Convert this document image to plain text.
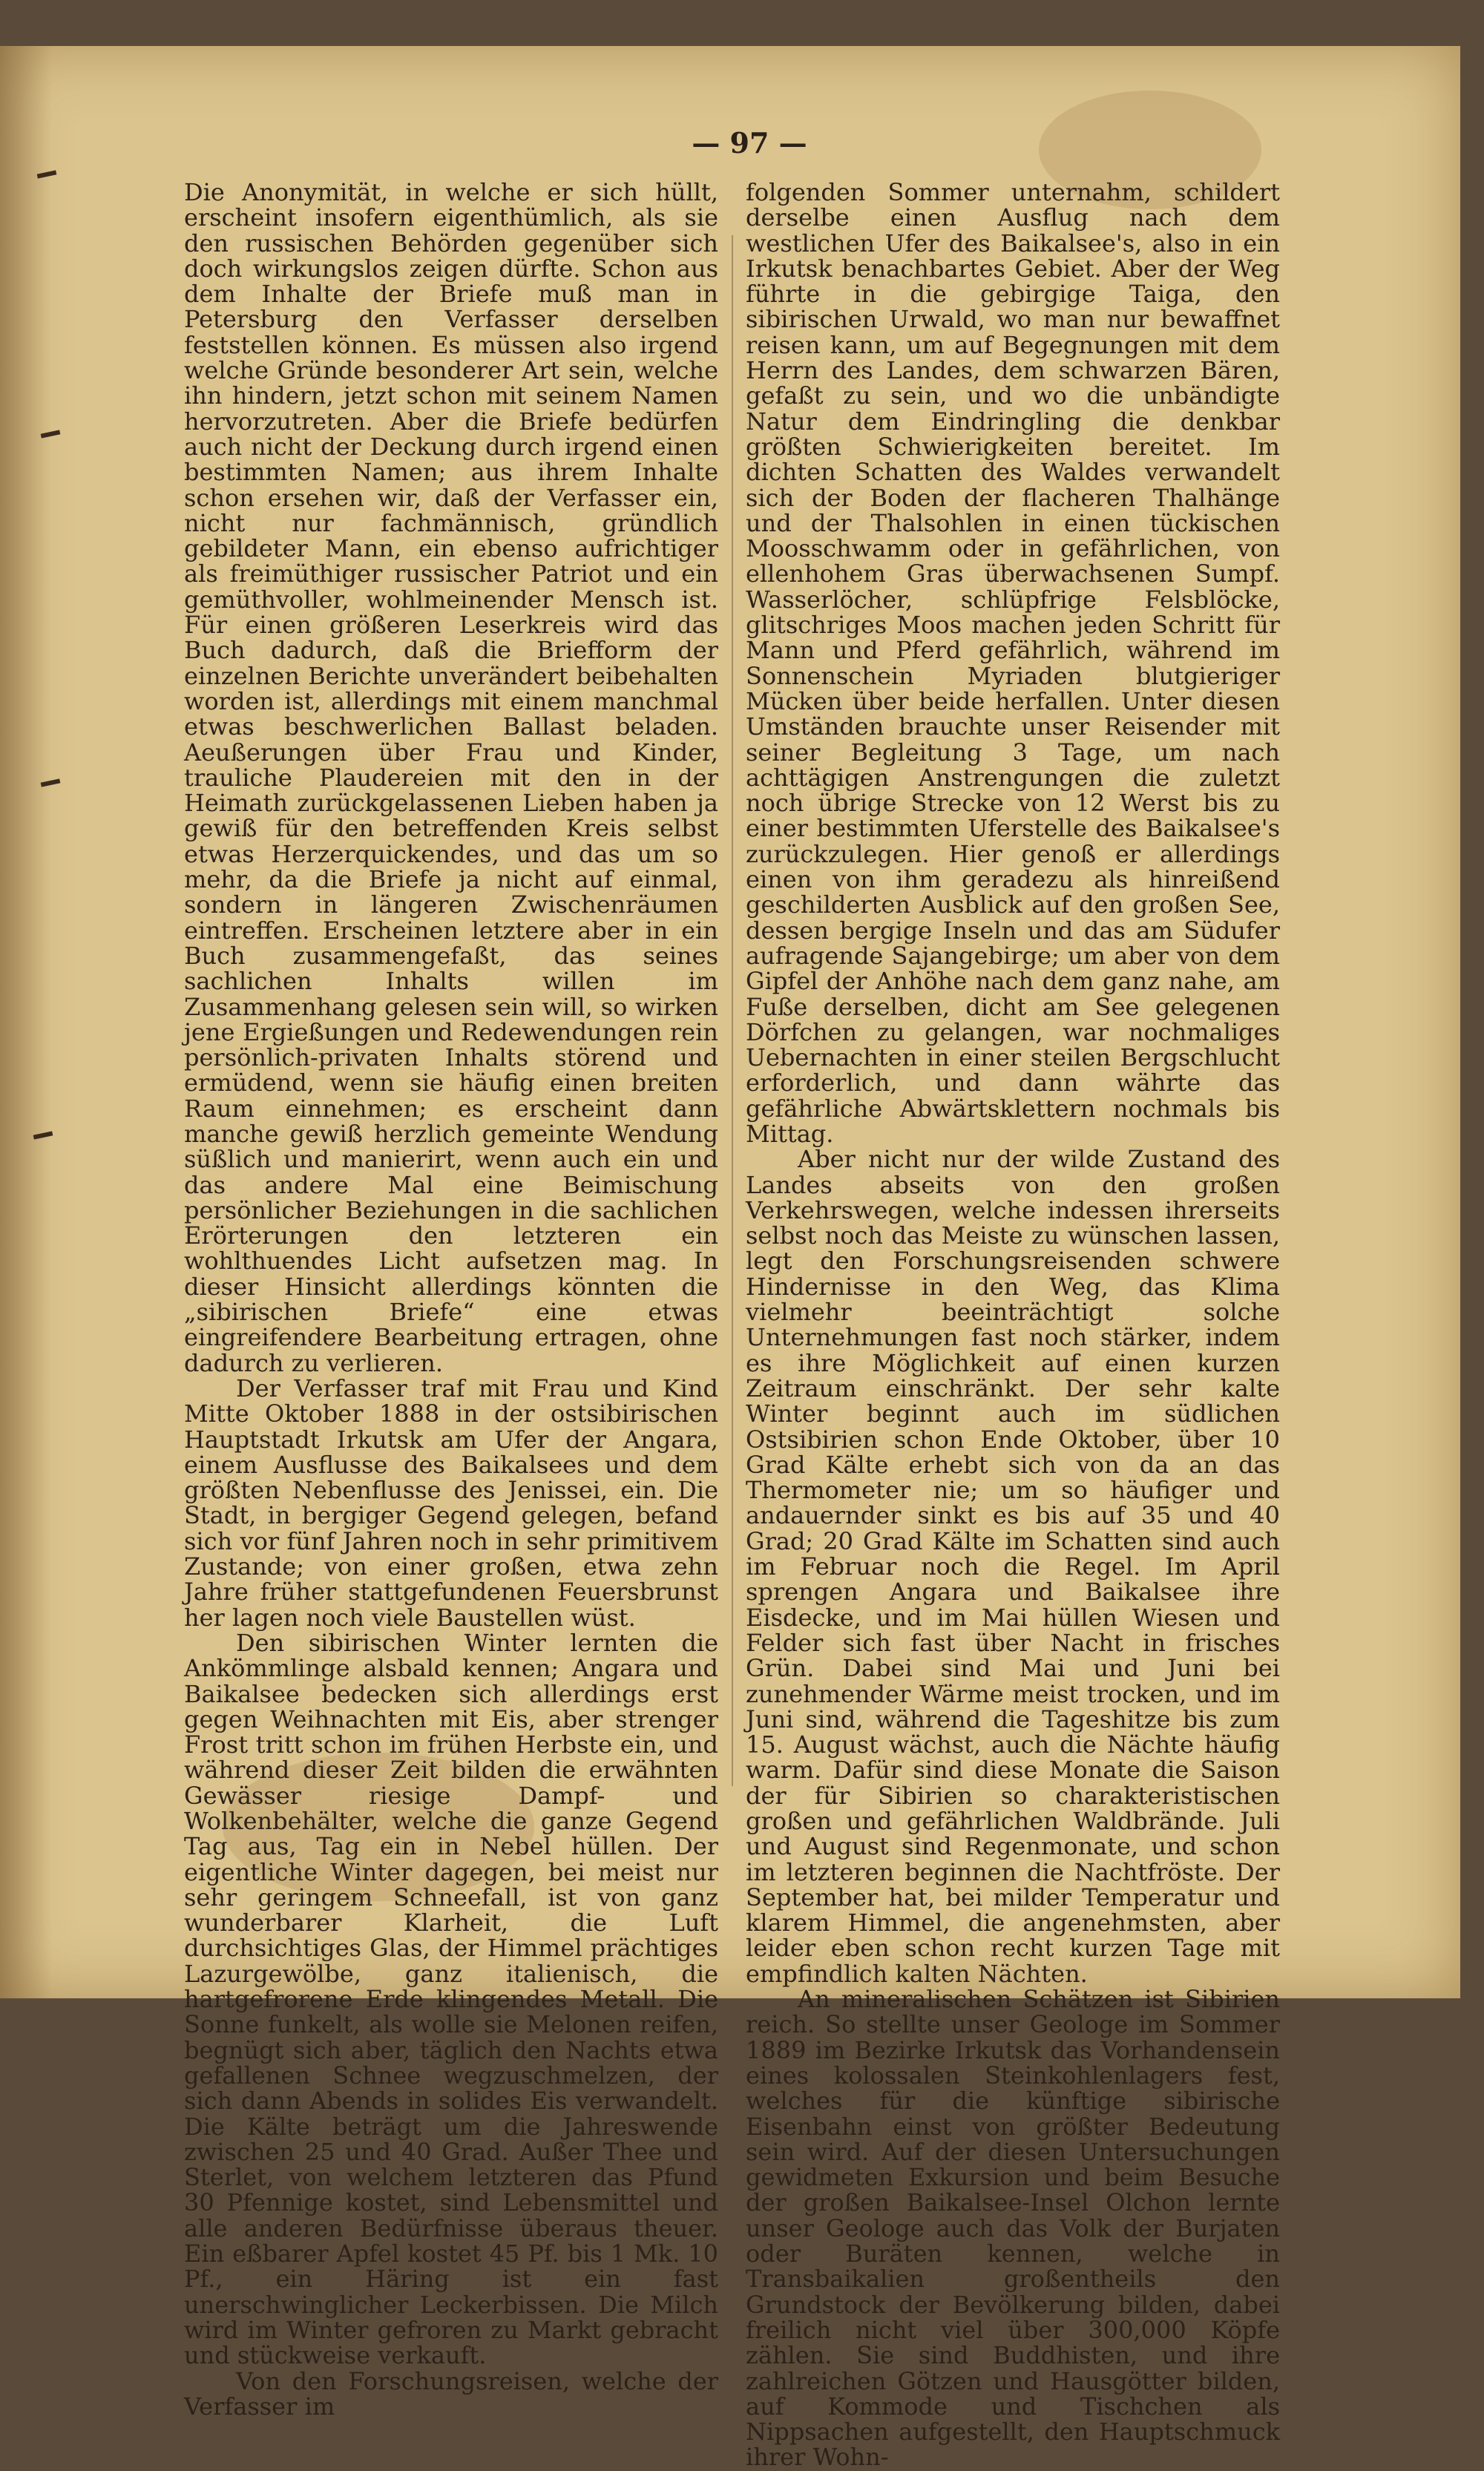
— 97 —

Die Anonymität, in welche er sich hüllt, erscheint insofern eigenthümlich, als sie den russischen Behörden gegenüber sich doch wirkungslos zeigen dürfte. Schon aus dem Inhalte der Briefe muß man in Petersburg den Verfasser derselben feststellen können. Es müssen also irgend welche Gründe besonderer Art sein, welche ihn hindern, jetzt schon mit seinem Namen hervorzutreten. Aber die Briefe bedürfen auch nicht der Deckung durch irgend einen bestimmten Namen; aus ihrem Inhalte schon ersehen wir, daß der Verfasser ein, nicht nur fachmännisch, gründlich gebildeter Mann, ein ebenso aufrichtiger als freimüthiger russischer Patriot und ein gemüthvoller, wohlmeinender Mensch ist. Für einen größeren Leserkreis wird das Buch dadurch, daß die Briefform der einzelnen Berichte unverändert beibehalten worden ist, allerdings mit einem manchmal etwas beschwerlichen Ballast beladen. Aeußerungen über Frau und Kinder, trauliche Plaudereien mit den in der Heimath zurückgelassenen Lieben haben ja gewiß für den betreffenden Kreis selbst etwas Herzerquickendes, und das um so mehr, da die Briefe ja nicht auf einmal, sondern in längeren Zwischenräumen eintreffen. Erscheinen letztere aber in ein Buch zusammengefaßt, das seines sachlichen Inhalts willen im Zusammenhang gelesen sein will, so wirken jene Ergießungen und Redewendungen rein persönlich-privaten Inhalts störend und ermüdend, wenn sie häufig einen breiten Raum einnehmen; es erscheint dann manche gewiß herzlich gemeinte Wendung süßlich und manierirt, wenn auch ein und das andere Mal eine Beimischung persönlicher Beziehungen in die sachlichen Erörterungen den letzteren ein wohlthuendes Licht aufsetzen mag. In dieser Hinsicht allerdings könnten die „sibirischen Briefe“ eine etwas eingreifendere Bearbeitung ertragen, ohne dadurch zu verlieren.

Der Verfasser traf mit Frau und Kind Mitte Oktober 1888 in der ostsibirischen Hauptstadt Irkutsk am Ufer der Angara, einem Ausflusse des Baikalsees und dem größten Nebenflusse des Jenissei, ein. Die Stadt, in bergiger Gegend gelegen, befand sich vor fünf Jahren noch in sehr primitivem Zustande; von einer großen, etwa zehn Jahre früher stattgefundenen Feuersbrunst her lagen noch viele Baustellen wüst.

Den sibirischen Winter lernten die Ankömmlinge alsbald kennen; Angara und Baikalsee bedecken sich allerdings erst gegen Weihnachten mit Eis, aber strenger Frost tritt schon im frühen Herbste ein, und während dieser Zeit bilden die erwähnten Gewässer riesige Dampf- und Wolkenbehälter, welche die ganze Gegend Tag aus, Tag ein in Nebel hüllen. Der eigentliche Winter dagegen, bei meist nur sehr geringem Schneefall, ist von ganz wunderbarer Klarheit, die Luft durchsichtiges Glas, der Himmel prächtiges Lazurgewölbe, ganz italienisch, die hartgefrorene Erde klingendes Metall. Die Sonne funkelt, als wolle sie Melonen reifen, begnügt sich aber, täglich den Nachts etwa gefallenen Schnee wegzuschmelzen, der sich dann Abends in solides Eis verwandelt. Die Kälte beträgt um die Jahreswende zwischen 25 und 40 Grad. Außer Thee und Sterlet, von welchem letzteren das Pfund 30 Pfennige kostet, sind Lebensmittel und alle anderen Bedürfnisse überaus theuer. Ein eßbarer Apfel kostet 45 Pf. bis 1 Mk. 10 Pf., ein Häring ist ein fast unerschwinglicher Leckerbissen. Die Milch wird im Winter gefroren zu Markt gebracht und stückweise verkauft.

Von den Forschungsreisen, welche der Verfasser im

folgenden Sommer unternahm, schildert derselbe einen Ausflug nach dem westlichen Ufer des Baikalsee's, also in ein Irkutsk benachbartes Gebiet. Aber der Weg führte in die gebirgige Taiga, den sibirischen Urwald, wo man nur bewaffnet reisen kann, um auf Begegnungen mit dem Herrn des Landes, dem schwarzen Bären, gefaßt zu sein, und wo die unbändigte Natur dem Eindringling die denkbar größten Schwierigkeiten bereitet. Im dichten Schatten des Waldes verwandelt sich der Boden der flacheren Thalhänge und der Thalsohlen in einen tückischen Moosschwamm oder in gefährlichen, von ellenhohem Gras überwachsenen Sumpf. Wasserlöcher, schlüpfrige Felsblöcke, glitschriges Moos machen jeden Schritt für Mann und Pferd gefährlich, während im Sonnenschein Myriaden blutgieriger Mücken über beide herfallen. Unter diesen Umständen brauchte unser Reisender mit seiner Begleitung 3 Tage, um nach achttägigen Anstrengungen die zuletzt noch übrige Strecke von 12 Werst bis zu einer bestimmten Uferstelle des Baikalsee's zurückzulegen. Hier genoß er allerdings einen von ihm geradezu als hinreißend geschilderten Ausblick auf den großen See, dessen bergige Inseln und das am Südufer aufragende Sajangebirge; um aber von dem Gipfel der Anhöhe nach dem ganz nahe, am Fuße derselben, dicht am See gelegenen Dörfchen zu gelangen, war nochmaliges Uebernachten in einer steilen Bergschlucht erforderlich, und dann währte das gefährliche Abwärtsklettern nochmals bis Mittag.

Aber nicht nur der wilde Zustand des Landes abseits von den großen Verkehrswegen, welche indessen ihrerseits selbst noch das Meiste zu wünschen lassen, legt den Forschungsreisenden schwere Hindernisse in den Weg, das Klima vielmehr beeinträchtigt solche Unternehmungen fast noch stärker, indem es ihre Möglichkeit auf einen kurzen Zeitraum einschränkt. Der sehr kalte Winter beginnt auch im südlichen Ostsibirien schon Ende Oktober, über 10 Grad Kälte erhebt sich von da an das Thermometer nie; um so häufiger und andauernder sinkt es bis auf 35 und 40 Grad; 20 Grad Kälte im Schatten sind auch im Februar noch die Regel. Im April sprengen Angara und Baikalsee ihre Eisdecke, und im Mai hüllen Wiesen und Felder sich fast über Nacht in frisches Grün. Dabei sind Mai und Juni bei zunehmender Wärme meist trocken, und im Juni sind, während die Tageshitze bis zum 15. August wächst, auch die Nächte häufig warm. Dafür sind diese Monate die Saison der für Sibirien so charakteristischen großen und gefährlichen Waldbrände. Juli und August sind Regenmonate, und schon im letzteren beginnen die Nachtfröste. Der September hat, bei milder Temperatur und klarem Himmel, die angenehmsten, aber leider eben schon recht kurzen Tage mit empfindlich kalten Nächten.

An mineralischen Schätzen ist Sibirien reich. So stellte unser Geologe im Sommer 1889 im Bezirke Irkutsk das Vorhandensein eines kolossalen Steinkohlenlagers fest, welches für die künftige sibirische Eisenbahn einst von größter Bedeutung sein wird. Auf der diesen Untersuchungen gewidmeten Exkursion und beim Besuche der großen Baikalsee-Insel Olchon lernte unser Geologe auch das Volk der Burjaten oder Buräten kennen, welche in Transbaikalien großentheils den Grundstock der Bevölkerung bilden, dabei freilich nicht viel über 300,000 Köpfe zählen. Sie sind Buddhisten, und ihre zahlreichen Götzen und Hausgötter bilden, auf Kommode und Tischchen als Nippsachen aufgestellt, den Hauptschmuck ihrer Wohn-
